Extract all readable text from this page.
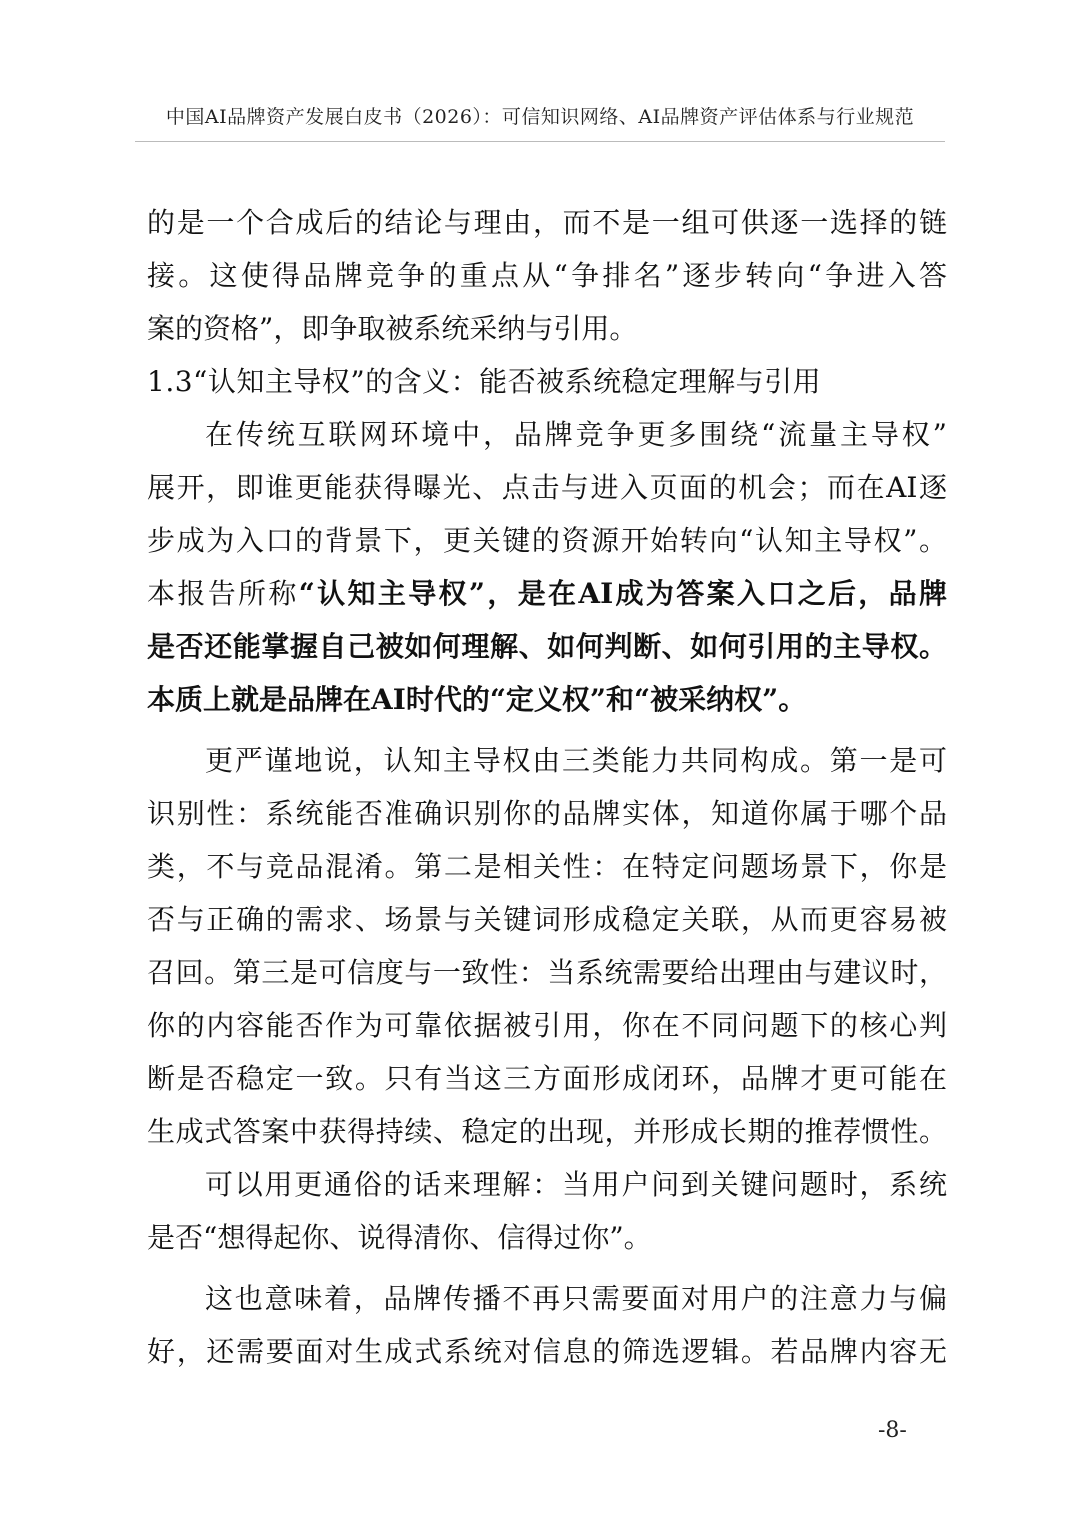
中国AI品牌资产发展白皮书（2026）：可信知识网络、AI品牌资产评估体系与行业规范
的是一个合成后的结论与理由，而不是一组可供逐一选择的链
接。这使得品牌竞争的重点从“争排名”逐步转向“争进入答
案的资格”，即争取被系统采纳与引用。
1.3“认知主导权”的含义：能否被系统稳定理解与引用
在传统互联网环境中，品牌竞争更多围绕“流量主导权”
展开，即谁更能获得曝光、点击与进入页面的机会；而在AI逐
步成为入口的背景下，更关键的资源开始转向“认知主导权”。
本报告所称“认知主导权”，是在AI成为答案入口之后，品牌
是否还能掌握自己被如何理解、如何判断、如何引用的主导权。
本质上就是品牌在AI时代的“定义权”和“被采纳权”。
更严谨地说，认知主导权由三类能力共同构成。第一是可
识别性：系统能否准确识别你的品牌实体，知道你属于哪个品
类，不与竞品混淆。第二是相关性：在特定问题场景下，你是
否与正确的需求、场景与关键词形成稳定关联，从而更容易被
召回。第三是可信度与一致性：当系统需要给出理由与建议时，
你的内容能否作为可靠依据被引用，你在不同问题下的核心判
断是否稳定一致。只有当这三方面形成闭环，品牌才更可能在
生成式答案中获得持续、稳定的出现，并形成长期的推荐惯性。
可以用更通俗的话来理解：当用户问到关键问题时，系统
是否“想得起你、说得清你、信得过你”。
这也意味着，品牌传播不再只需要面对用户的注意力与偏
好，还需要面对生成式系统对信息的筛选逻辑。若品牌内容无
-8-
